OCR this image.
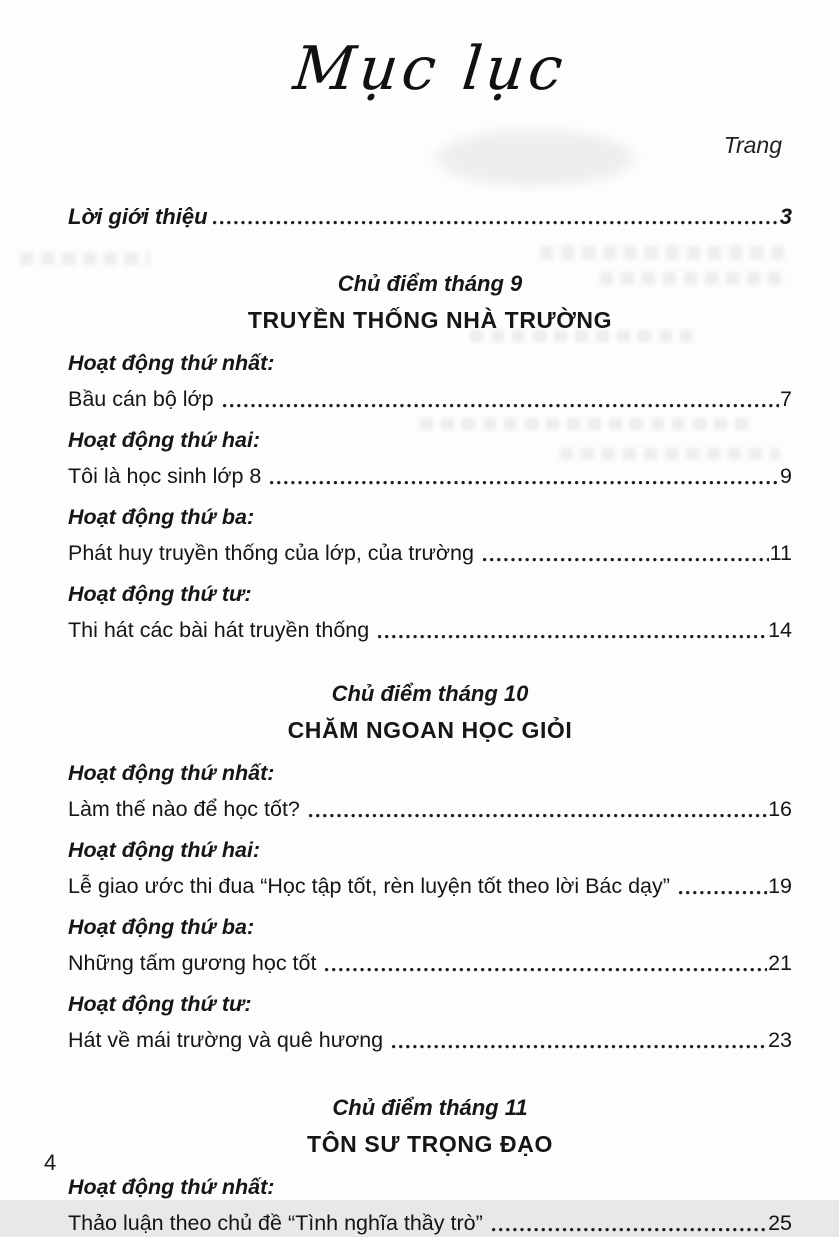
Mục lục
Trang
Lời giới thiệu	3
Chủ điểm tháng 9
TRUYỀN THỐNG NHÀ TRƯỜNG
Hoạt động thứ nhất:
Bầu cán bộ lớp	7
Hoạt động thứ hai:
Tôi là học sinh lớp 8	9
Hoạt động thứ ba:
Phát huy truyền thống của lớp, của trường	11
Hoạt động thứ tư:
Thi hát các bài hát truyền thống	14
Chủ điểm tháng 10
CHĂM NGOAN HỌC GIỎI
Hoạt động thứ nhất:
Làm thế nào để học tốt?	16
Hoạt động thứ hai:
Lễ giao ước thi đua “Học tập tốt, rèn luyện tốt theo lời Bác dạy”	19
Hoạt động thứ ba:
Những tấm gương học tốt	21
Hoạt động thứ tư:
Hát về mái trường và quê hương	23
Chủ điểm tháng 11
TÔN SƯ TRỌNG ĐẠO
Hoạt động thứ nhất:
Thảo luận theo chủ đề “Tình nghĩa thầy trò”	25
4
